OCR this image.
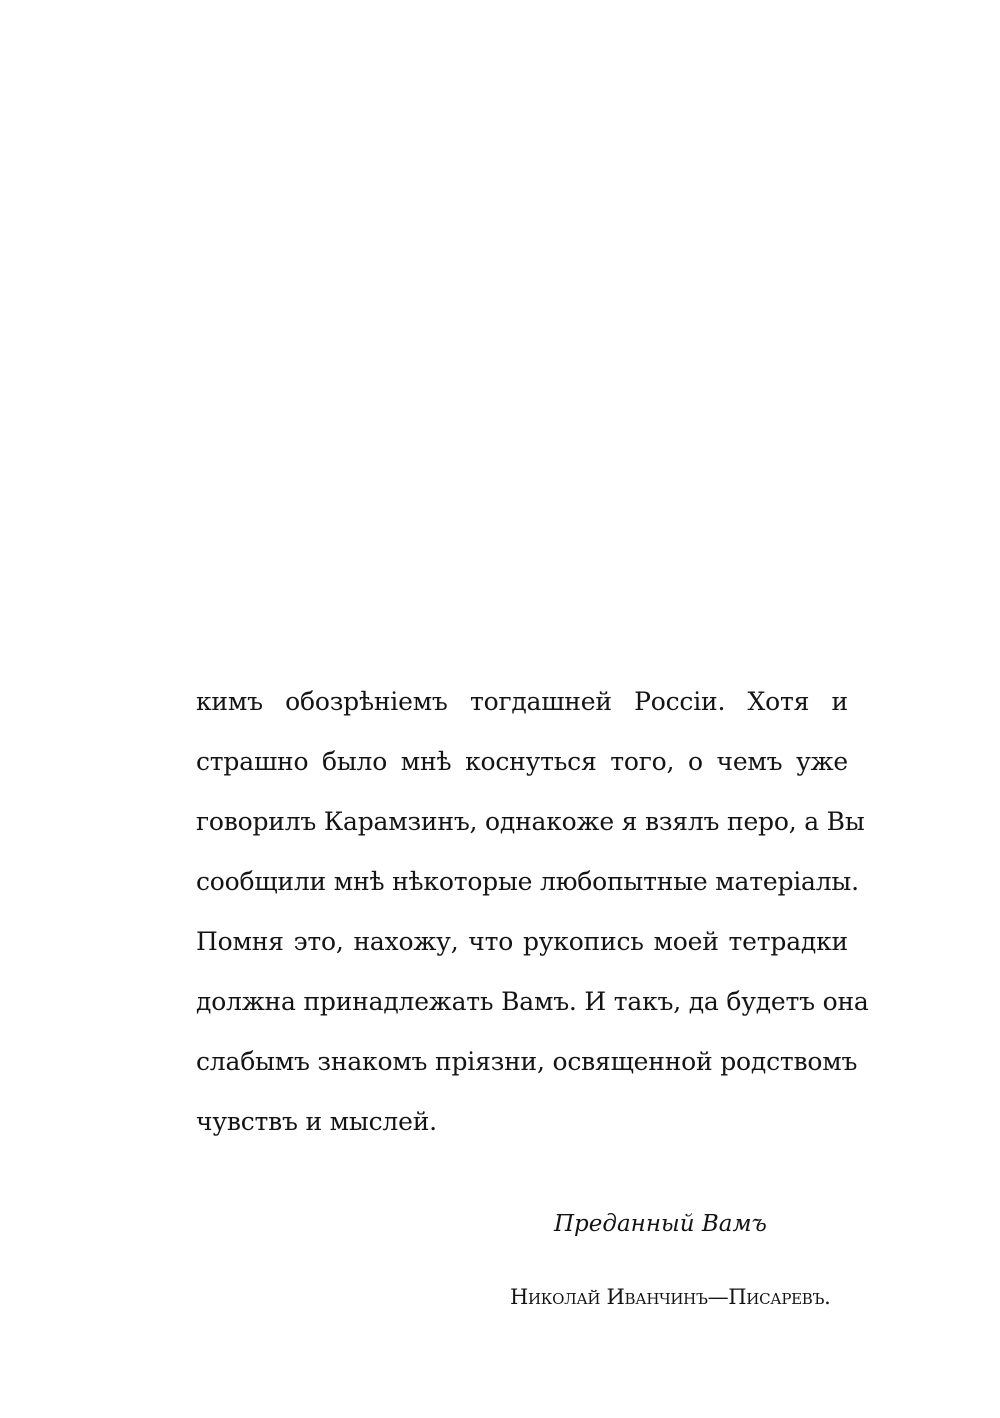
кимъ обозрѣніемъ тогдашней Россіи. Хотя и
страшно было мнѣ коснуться того, о чемъ уже
говорилъ Карамзинъ, однакоже я взялъ перо, а Вы
сообщили мнѣ нѣкоторые любопытные матеріалы.
Помня это, нахожу, что рукопись моей тетрадки
должна принадлежать Вамъ. И такъ, да будетъ она
слабымъ знакомъ пріязни, освященной родствомъ
чувствъ и мыслей.
Преданный Вамъ
Николай Иванчинъ—Писаревъ.
